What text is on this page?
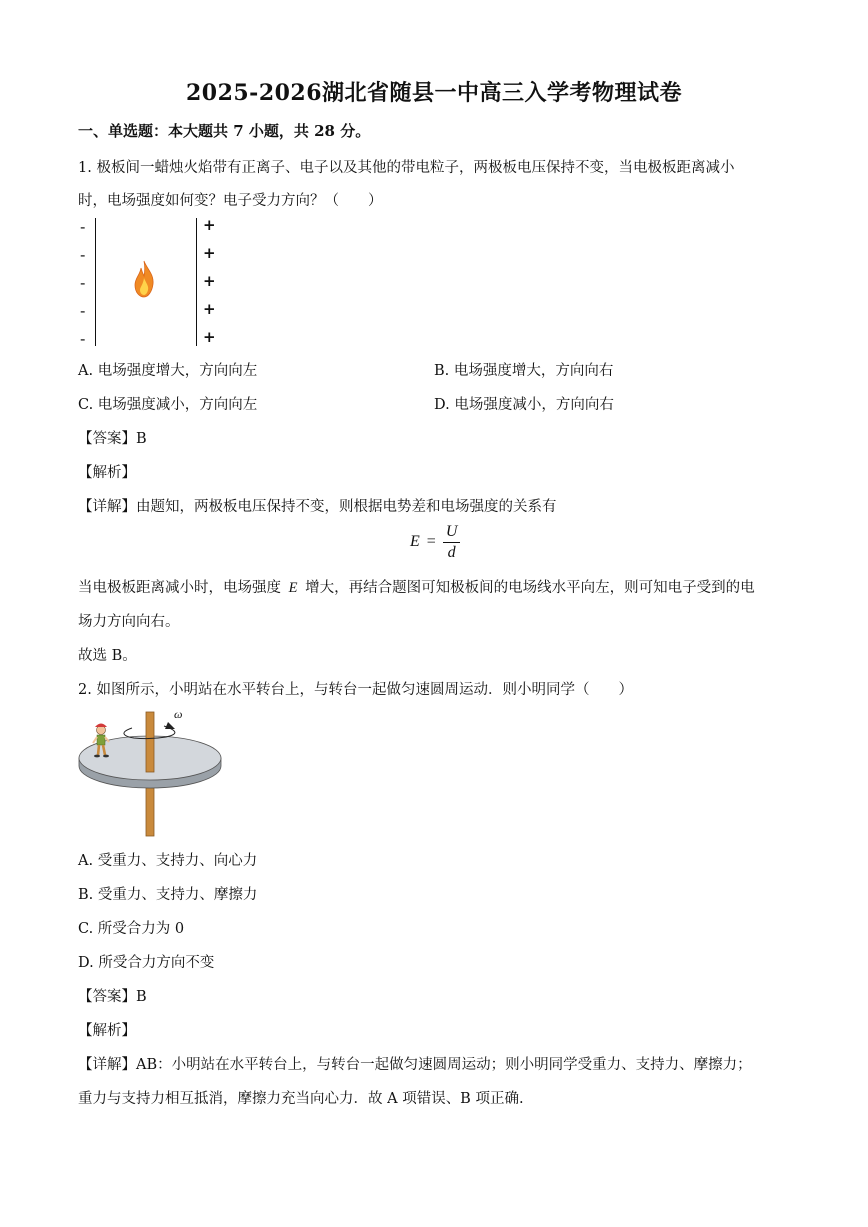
2025-2026湖北省随县一中高三入学考物理试卷
一、单选题：本大题共 7 小题，共 28 分。
1. 极板间一蜡烛火焰带有正离子、电子以及其他的带电粒子，两极板电压保持不变，当电极板距离减小
时，电场强度如何变？电子受力方向？（　　）
-
-
-
-
-
+
+
+
+
+
A. 电场强度增大，方向向左	B. 电场强度增大，方向向右
C. 电场强度减小，方向向左	D. 电场强度减小，方向向右
【答案】B
【解析】
【详解】由题知，两极板电压保持不变，则根据电势差和电场强度的关系有
$E = \frac{U}{d}$
当电极板距离减小时，电场强度 E 增大，再结合题图可知极板间的电场线水平向左，则可知电子受到的电
场力方向向右。
故选 B。
2. 如图所示，小明站在水平转台上，与转台一起做匀速圆周运动．则小明同学（　　）
ω
A. 受重力、支持力、向心力
B. 受重力、支持力、摩擦力
C. 所受合力为 0
D. 所受合力方向不变
【答案】B
【解析】
【详解】AB：小明站在水平转台上，与转台一起做匀速圆周运动；则小明同学受重力、支持力、摩擦力；
重力与支持力相互抵消，摩擦力充当向心力．故 A 项错误、B 项正确.
